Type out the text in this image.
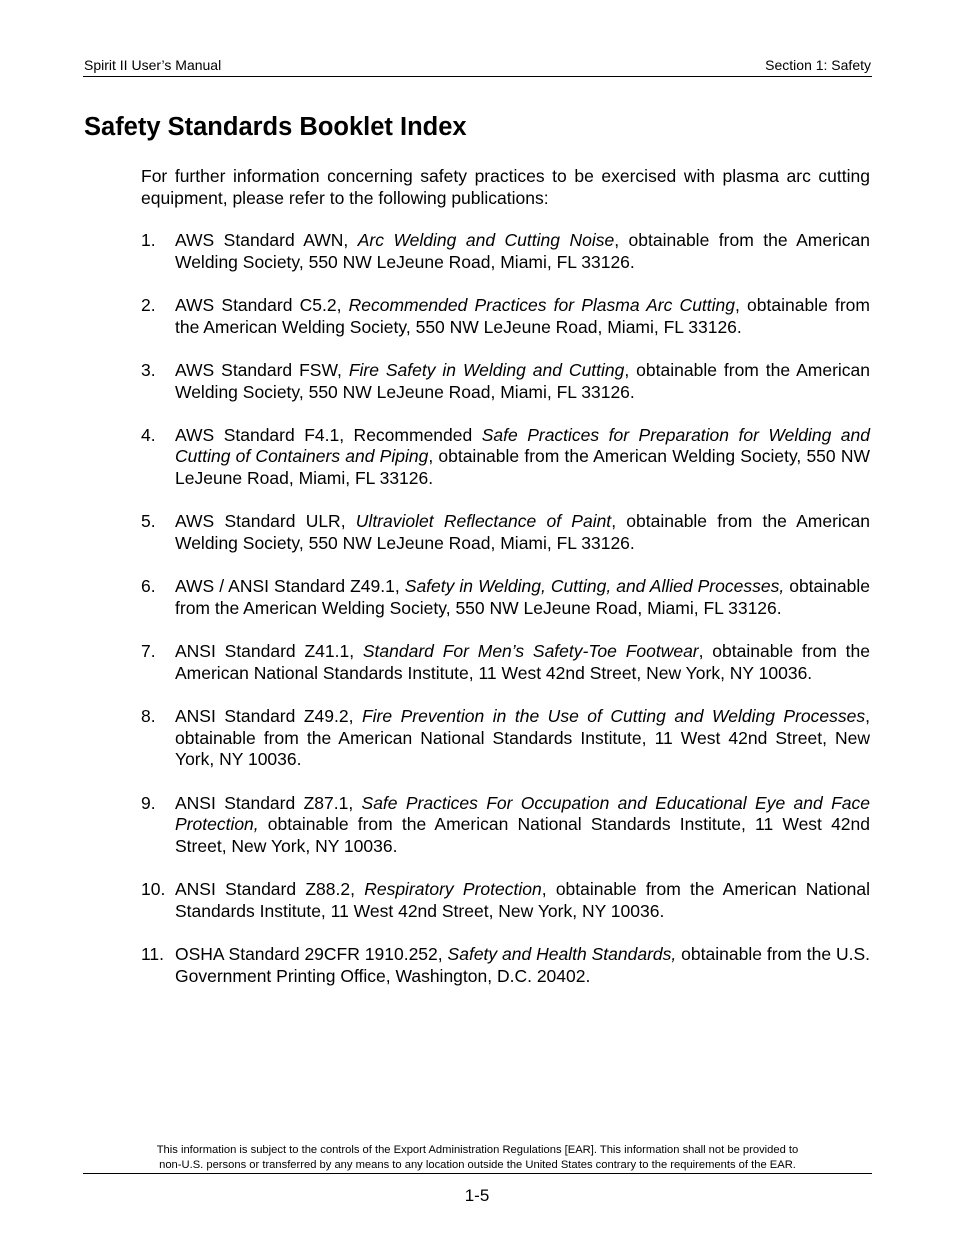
Spirit II User’s Manual	Section 1: Safety
Safety Standards Booklet Index

For further information concerning safety practices to be exercised with plasma arc cutting equipment, please refer to the following publications:

1. AWS Standard AWN, Arc Welding and Cutting Noise, obtainable from the American Welding Society, 550 NW LeJeune Road, Miami, FL 33126.
2. AWS Standard C5.2, Recommended Practices for Plasma Arc Cutting, obtainable from the American Welding Society, 550 NW LeJeune Road, Miami, FL 33126.
3. AWS Standard FSW, Fire Safety in Welding and Cutting, obtainable from the American Welding Society, 550 NW LeJeune Road, Miami, FL 33126.
4. AWS Standard F4.1, Recommended Safe Practices for Preparation for Welding and Cutting of Containers and Piping, obtainable from the American Welding Society, 550 NW LeJeune Road, Miami, FL 33126.
5. AWS Standard ULR, Ultraviolet Reflectance of Paint, obtainable from the American Welding Society, 550 NW LeJeune Road, Miami, FL 33126.
6. AWS / ANSI Standard Z49.1, Safety in Welding, Cutting, and Allied Processes, obtainable from the American Welding Society, 550 NW LeJeune Road, Miami, FL 33126.
7. ANSI Standard Z41.1, Standard For Men’s Safety-Toe Footwear, obtainable from the American National Standards Institute, 11 West 42nd Street, New York, NY 10036.
8. ANSI Standard Z49.2, Fire Prevention in the Use of Cutting and Welding Processes, obtainable from the American National Standards Institute, 11 West 42nd Street, New York, NY 10036.
9. ANSI Standard Z87.1, Safe Practices For Occupation and Educational Eye and Face Protection, obtainable from the American National Standards Institute, 11 West 42nd Street, New York, NY 10036.
10. ANSI Standard Z88.2, Respiratory Protection, obtainable from the American National Standards Institute, 11 West 42nd Street, New York, NY 10036.
11. OSHA Standard 29CFR 1910.252, Safety and Health Standards, obtainable from the U.S. Government Printing Office, Washington, D.C. 20402.
This information is subject to the controls of the Export Administration Regulations [EAR]. This information shall not be provided to
non-U.S. persons or transferred by any means to any location outside the United States contrary to the requirements of the EAR.
1-5
